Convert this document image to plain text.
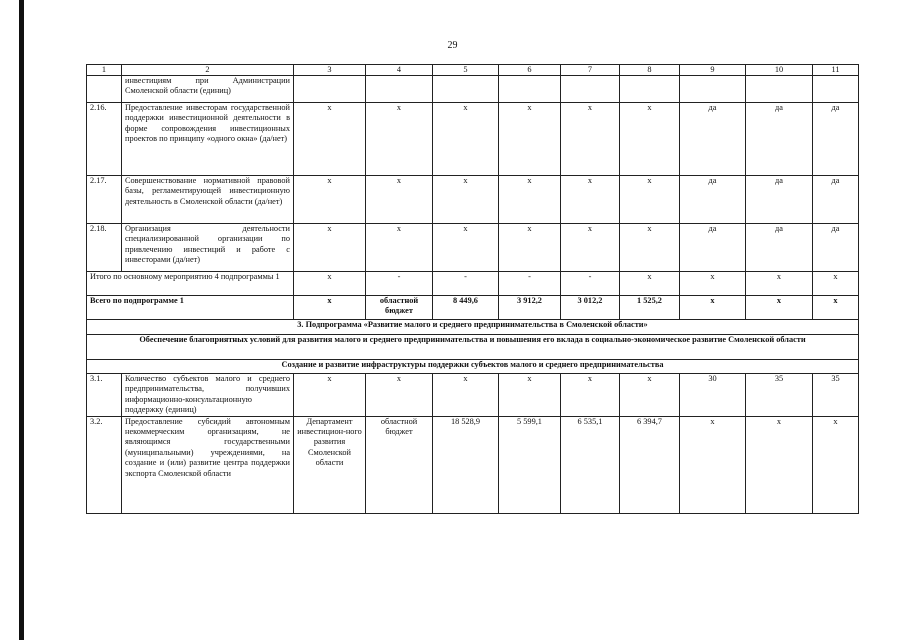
29
1	2	3	4	5	6	7	8	9	10	11
	инвестициям при Администрации Смоленской области (единиц)									
2.16.	Предоставление инвесторам государственной поддержки инвестиционной деятельности в форме сопровождения инвестиционных проектов по принципу «одного окна» (да/нет)	х	х	х	х	х	х	да	да	да
2.17.	Совершенствование нормативной правовой базы, регламентирующей инвестиционную деятельность в Смоленской области (да/нет)	х	х	х	х	х	х	да	да	да
2.18.	Организация деятельности специализированной организации по привлечению инвестиций и работе с инвесторами (да/нет)	х	х	х	х	х	х	да	да	да
Итого по основному мероприятию 4 подпрограммы 1		х	-	-	-	-	х	х	х	х
Всего по подпрограмме 1		х	областной бюджет	8 449,6	3 912,2	3 012,2	1 525,2	х	х	х
3. Подпрограмма «Развитие малого и среднего предпринимательства в Смоленской области»										
Обеспечение благоприятных условий для развития малого и среднего предпринимательства и повышения его вклада в социально-экономическое развитие Смоленской области										
Создание и развитие инфраструктуры поддержки субъектов малого и среднего предпринимательства										
3.1.	Количество субъектов малого и среднего предпринимательства, получивших информационно-консультационную поддержку (единиц)	х	х	х	х	х	х	30	35	35
3.2.	Предоставление субсидий автономным некоммерческим организациям, не являющимся государственными (муниципальными) учреждениями, на создание и (или) развитие центра поддержки экспорта Смоленской области	Департамент инвестицион-ного развития Смоленской области	областной бюджет	18 528,9	5 599,1	6 535,1	6 394,7	х	х	х
